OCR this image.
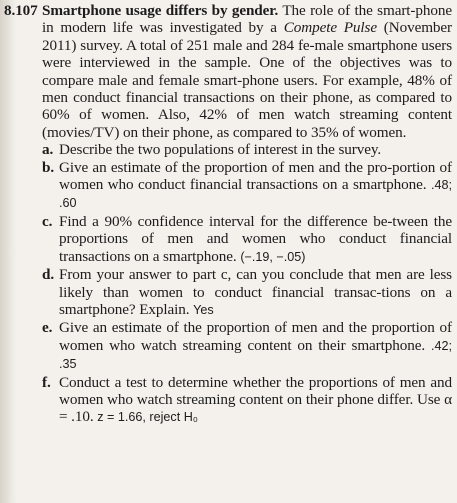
8.107 Smartphone usage differs by gender. The role of the smart-phone in modern life was investigated by a Compete Pulse (November 2011) survey. A total of 251 male and 284 fe-male smartphone users were interviewed in the sample. One of the objectives was to compare male and female smart-phone users. For example, 48% of men conduct financial transactions on their phone, as compared to 60% of women. Also, 42% of men watch streaming content (movies/TV) on their phone, as compared to 35% of women.
a. Describe the two populations of interest in the survey.
b. Give an estimate of the proportion of men and the pro-portion of women who conduct financial transactions on a smartphone. .48; .60
c. Find a 90% confidence interval for the difference be-tween the proportions of men and women who conduct financial transactions on a smartphone. (−.19, −.05)
d. From your answer to part c, can you conclude that men are less likely than women to conduct financial transac-tions on a smartphone? Explain. Yes
e. Give an estimate of the proportion of men and the proportion of women who watch streaming content on their smartphone. .42; .35
f. Conduct a test to determine whether the proportions of men and women who watch streaming content on their phone differ. Use α = .10. z = 1.66, reject H₀
